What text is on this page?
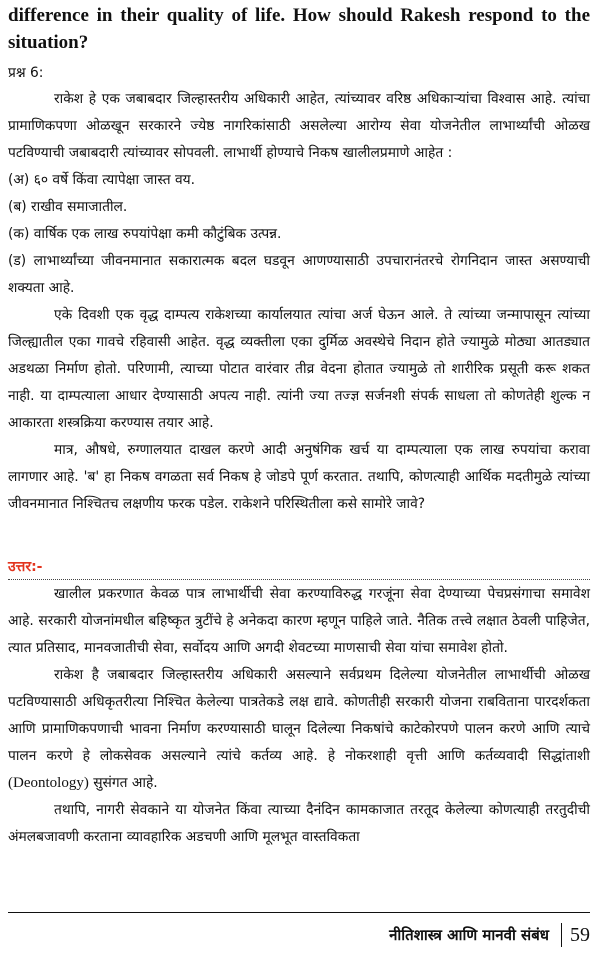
difference in their quality of life. How should Rakesh respond to the situation?
प्रश्न 6:

राकेश हे एक जबाबदार जिल्हास्तरीय अधिकारी आहेत, त्यांच्यावर वरिष्ठ अधिकाऱ्यांचा विश्वास आहे. त्यांचा प्रामाणिकपणा ओळखून सरकारने ज्येष्ठ नागरिकांसाठी असलेल्या आरोग्य सेवा योजनेतील लाभार्थ्यांची ओळख पटविण्याची जबाबदारी त्यांच्यावर सोपवली. लाभार्थी होण्याचे निकष खालीलप्रमाणे आहेत :

(अ) ६० वर्षे किंवा त्यापेक्षा जास्त वय.

(ब) राखीव समाजातील.

(क) वार्षिक एक लाख रुपयांपेक्षा कमी कौटुंबिक उत्पन्न.

(ड) लाभार्थ्यांच्या जीवनमानात सकारात्मक बदल घडवून आणण्यासाठी उपचारानंतरचे रोगनिदान जास्त असण्याची शक्यता आहे.

एके दिवशी एक वृद्ध दाम्पत्य राकेशच्या कार्यालयात त्यांचा अर्ज घेऊन आले. ते त्यांच्या जन्मापासून त्यांच्या जिल्ह्यातील एका गावचे रहिवासी आहेत. वृद्ध व्यक्तीला एका दुर्मिळ अवस्थेचे निदान होते ज्यामुळे मोठ्या आतड्यात अडथळा निर्माण होतो. परिणामी, त्याच्या पोटात वारंवार तीव्र वेदना होतात ज्यामुळे तो शारीरिक प्रसूती करू शकत नाही. या दाम्पत्याला आधार देण्यासाठी अपत्य नाही. त्यांनी ज्या तज्ज्ञ सर्जनशी संपर्क साधला तो कोणतेही शुल्क न आकारता शस्त्रक्रिया करण्यास तयार आहे.

मात्र, औषधे, रुग्णालयात दाखल करणे आदी अनुषंगिक खर्च या दाम्पत्याला एक लाख रुपयांचा करावा लागणार आहे. 'ब' हा निकष वगळता सर्व निकष हे जोडपे पूर्ण करतात. तथापि, कोणत्याही आर्थिक मदतीमुळे त्यांच्या जीवनमानात निश्चितच लक्षणीय फरक पडेल. राकेशने परिस्थितीला कसे सामोरे जावे?

उत्तर:-

खालील प्रकरणात केवळ पात्र लाभार्थीची सेवा करण्याविरुद्ध गरजूंना सेवा देण्याच्या पेचप्रसंगाचा समावेश आहे. सरकारी योजनांमधील बहिष्कृत त्रुटींचे हे अनेकदा कारण म्हणून पाहिले जाते. नैतिक तत्त्वे लक्षात ठेवली पाहिजेत, त्यात प्रतिसाद, मानवजातीची सेवा, सर्वोदय आणि अगदी शेवटच्या माणसाची सेवा यांचा समावेश होतो.

राकेश है जबाबदार जिल्हास्तरीय अधिकारी असल्याने सर्वप्रथम दिलेल्या योजनेतील लाभार्थीची ओळख पटविण्यासाठी अधिकृतरीत्या निश्चित केलेल्या पात्रतेकडे लक्ष द्यावे. कोणतीही सरकारी योजना राबविताना पारदर्शकता आणि प्रामाणिकपणाची भावना निर्माण करण्यासाठी घालून दिलेल्या निकषांचे काटेकोरपणे पालन करणे आणि त्याचे पालन करणे हे लोकसेवक असल्याने त्यांचे कर्तव्य आहे. हे नोकरशाही वृत्ती आणि कर्तव्यवादी सिद्धांताशी (Deontology) सुसंगत आहे.

तथापि, नागरी सेवकाने या योजनेत किंवा त्याच्या दैनंदिन कामकाजात तरतूद केलेल्या कोणत्याही तरतुदीची अंमलबजावणी करताना व्यावहारिक अडचणी आणि मूलभूत वास्तविकता

नीतिशास्त्र आणि मानवी संबंध 59
